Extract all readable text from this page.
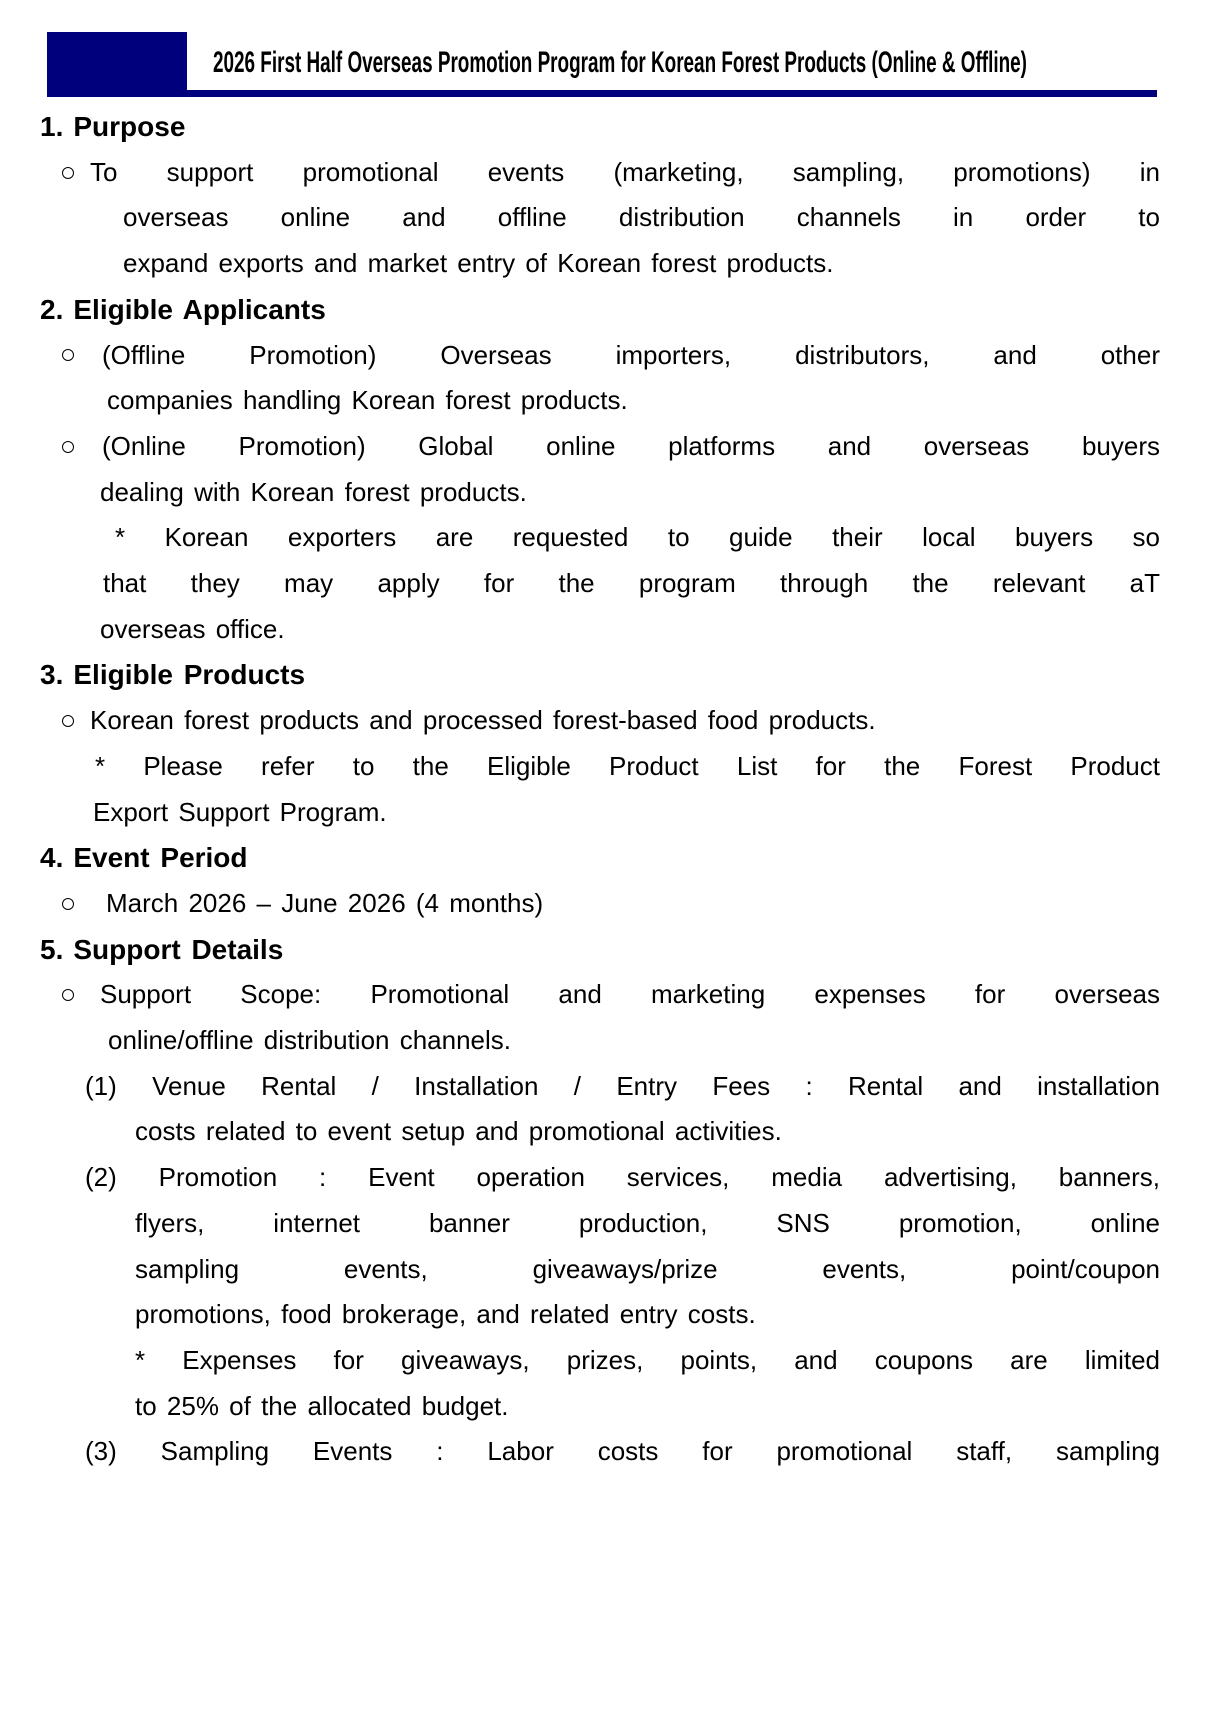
2026 First Half Overseas Promotion Program for Korean Forest Products (Online & Offline)
1. Purpose
To support promotional events (marketing, sampling, promotions) in
overseas online and offline distribution channels in order to
expand exports and market entry of Korean forest products.
2. Eligible Applicants
(Offline Promotion) Overseas importers, distributors, and other
companies handling Korean forest products.
(Online Promotion) Global online platforms and overseas buyers
dealing with Korean forest products.
* Korean exporters are requested to guide their local buyers so
that they may apply for the program through the relevant aT
overseas office.
3. Eligible Products
Korean forest products and processed forest-based food products.
* Please refer to the Eligible Product List for the Forest Product
Export Support Program.
4. Event Period
March 2026 – June 2026 (4 months)
5. Support Details
Support Scope: Promotional and marketing expenses for overseas
online/offline distribution channels.
(1) Venue Rental / Installation / Entry Fees : Rental and installation
costs related to event setup and promotional activities.
(2) Promotion : Event operation services, media advertising, banners,
flyers, internet banner production, SNS promotion, online
sampling events, giveaways/prize events, point/coupon
promotions, food brokerage, and related entry costs.
* Expenses for giveaways, prizes, points, and coupons are limited
to 25% of the allocated budget.
(3) Sampling Events : Labor costs for promotional staff, sampling
